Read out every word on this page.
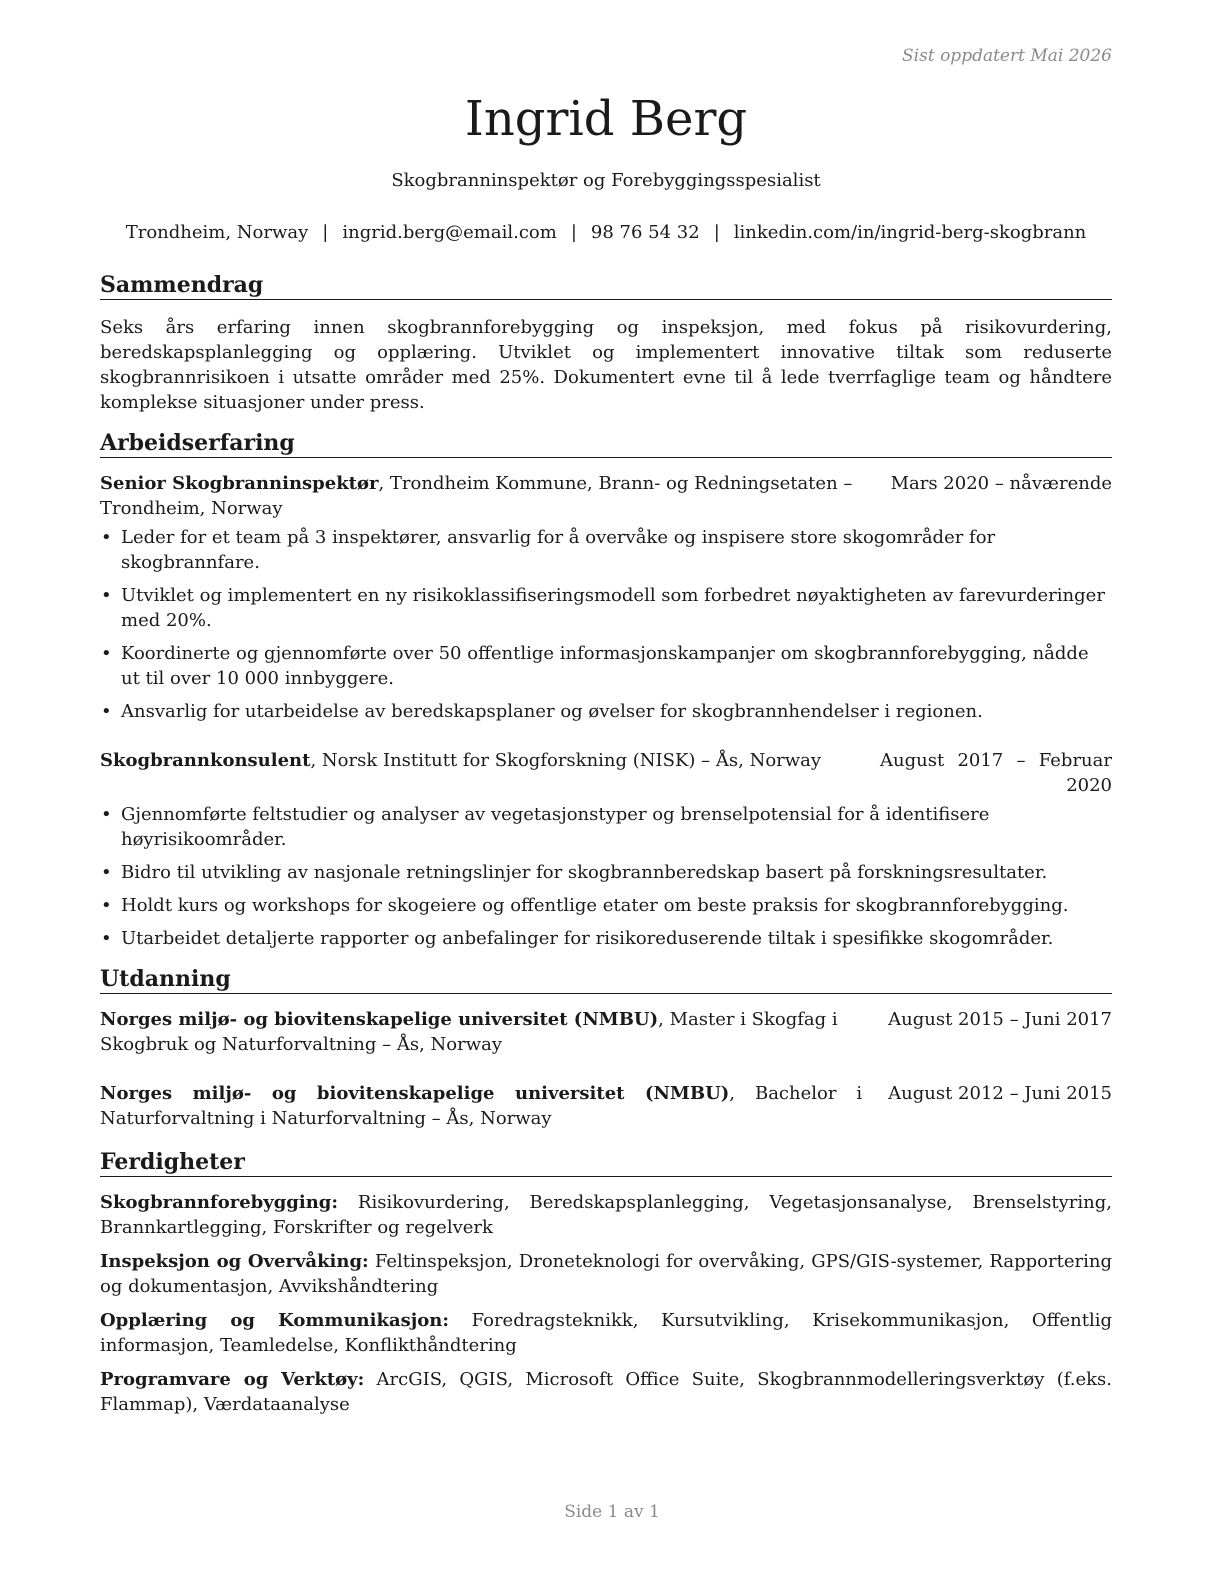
Sist oppdatert Mai 2026
Ingrid Berg
Skogbranninspektør og Forebyggingsspesialist
Trondheim, Norway | ingrid.berg@email.com | 98 76 54 32 | linkedin.com/in/ingrid-berg-skogbrann
Sammendrag
Seks års erfaring innen skogbrannforebygging og inspeksjon, med fokus på risikovurdering, beredskapsplanlegging og opplæring. Utviklet og implementert innovative tiltak som reduserte skogbrannrisikoen i utsatte områder med 25%. Dokumentert evne til å lede tverrfaglige team og håndtere komplekse situasjoner under press.
Arbeidserfaring
Senior Skogbranninspektør, Trondheim Kommune, Brann- og Redningsetaten – Trondheim, Norway
Mars 2020 – nåværende
• Leder for et team på 3 inspektører, ansvarlig for å overvåke og inspisere store skogområder for skogbrannfare.
• Utviklet og implementert en ny risikoklassifiseringsmodell som forbedret nøyaktigheten av farevurderinger med 20%.
• Koordinerte og gjennomførte over 50 offentlige informasjonskampanjer om skogbrannforebygging, nådde ut til over 10 000 innbyggere.
• Ansvarlig for utarbeidelse av beredskapsplaner og øvelser for skogbrannhendelser i regionen.
Skogbrannkonsulent, Norsk Institutt for Skogforskning (NISK) – Ås, Norway	August 2017 – Februar 2020
• Gjennomførte feltstudier og analyser av vegetasjonstyper og brenselpotensial for å identifisere høyrisikoområder.
• Bidro til utvikling av nasjonale retningslinjer for skogbrannberedskap basert på forskningsresultater.
• Holdt kurs og workshops for skogeiere og offentlige etater om beste praksis for skogbrannforebygging.
• Utarbeidet detaljerte rapporter og anbefalinger for risikoreduserende tiltak i spesifikke skogområder.
Utdanning
Norges miljø- og biovitenskapelige universitet (NMBU), Master i Skogfag i Skogbruk og Naturforvaltning – Ås, Norway
August 2015 – Juni 2017
Norges miljø- og biovitenskapelige universitet (NMBU), Bachelor i Naturforvaltning i Naturforvaltning – Ås, Norway
August 2012 – Juni 2015
Ferdigheter
Skogbrannforebygging: Risikovurdering, Beredskapsplanlegging, Vegetasjonsanalyse, Brenselstyring, Brannkartlegging, Forskrifter og regelverk
Inspeksjon og Overvåking: Feltinspeksjon, Droneteknologi for overvåking, GPS/GIS-systemer, Rapportering og dokumentasjon, Avvikshåndtering
Opplæring og Kommunikasjon: Foredragsteknikk, Kursutvikling, Krisekommunikasjon, Offentlig informasjon, Teamledelse, Konflikthåndtering
Programvare og Verktøy: ArcGIS, QGIS, Microsoft Office Suite, Skogbrannmodelleringsverktøy (f.eks. Flammap), Værdataanalyse
Side 1 av 1
